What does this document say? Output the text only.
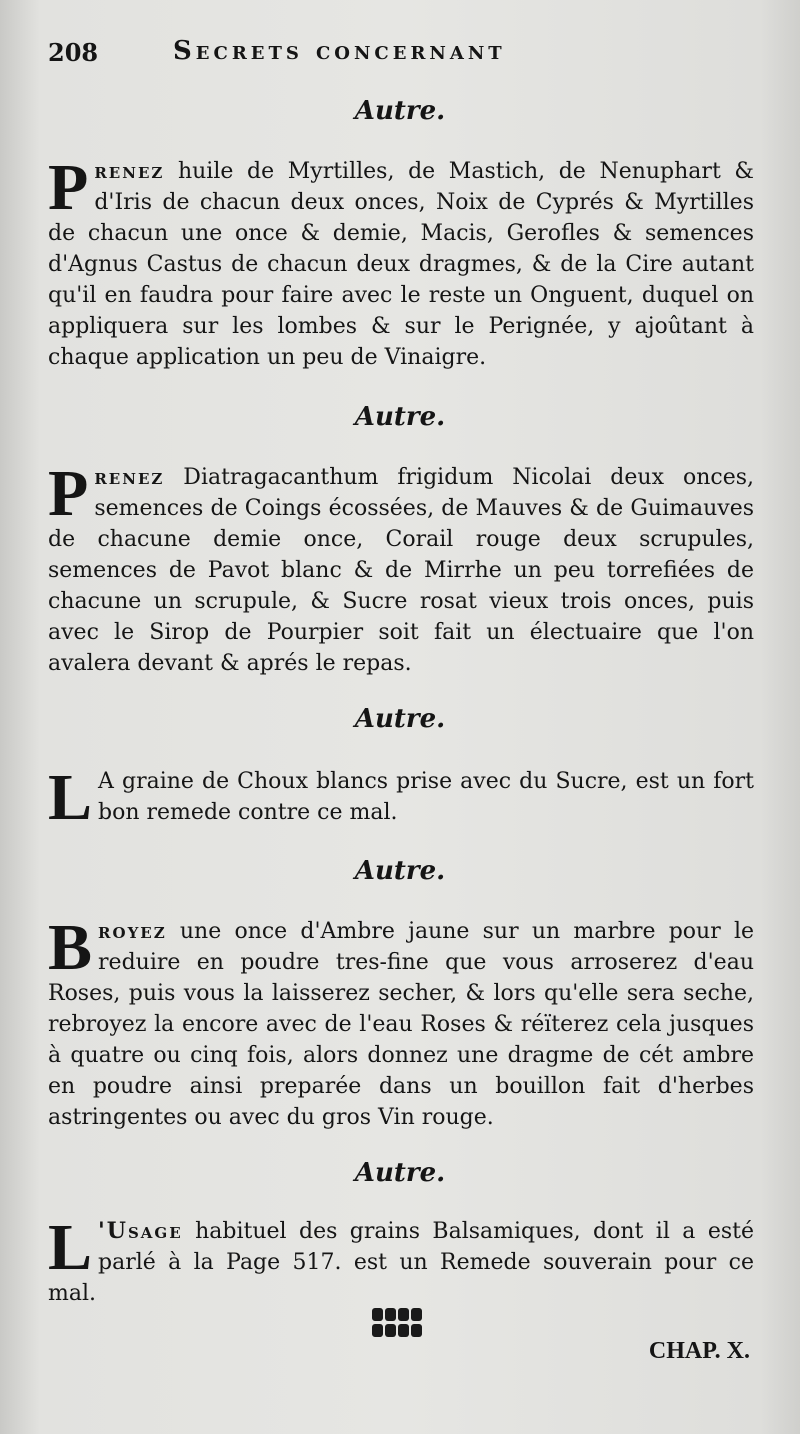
208	Secrets concernant
Autre.
Prenez huile de Myrtilles, de Mastich, de Nenuphart & d'Iris de chacun deux onces, Noix de Cyprés & Myrtilles de chacun une once & demie, Macis, Gerofles & semences d'Agnus Castus de chacun deux dragmes, & de la Cire autant qu'il en faudra pour faire avec le reste un Onguent, duquel on appliquera sur les lombes & sur le Perignée, y ajoûtant à chaque application un peu de Vinaigre.
Autre.
Prenez Diatragacanthum frigidum Nicolai deux onces, semences de Coings écossées, de Mauves & de Guimauves de chacune demie once, Corail rouge deux scrupules, semences de Pavot blanc & de Mirrhe un peu torrefiées de chacune un scrupule, & Sucre rosat vieux trois onces, puis avec le Sirop de Pourpier soit fait un électuaire que l'on avalera devant & aprés le repas.
Autre.
L A graine de Choux blancs prise avec du Sucre, est un fort bon remede contre ce mal.
Autre.
Broyez une once d'Ambre jaune sur un marbre pour le reduire en poudre tres-fine que vous arroserez d'eau Roses, puis vous la laisserez secher, & lors qu'elle sera seche, rebroyez la encore avec de l'eau Roses & réïterez cela jusques à quatre ou cinq fois, alors donnez une dragme de cét ambre en poudre ainsi preparée dans un bouillon fait d'herbes astringentes ou avec du gros Vin rouge.
Autre.
L 'Usage habituel des grains Balsamiques, dont il a esté parlé à la Page 517. est un Remede souverain pour ce mal.
CHAP. X.
